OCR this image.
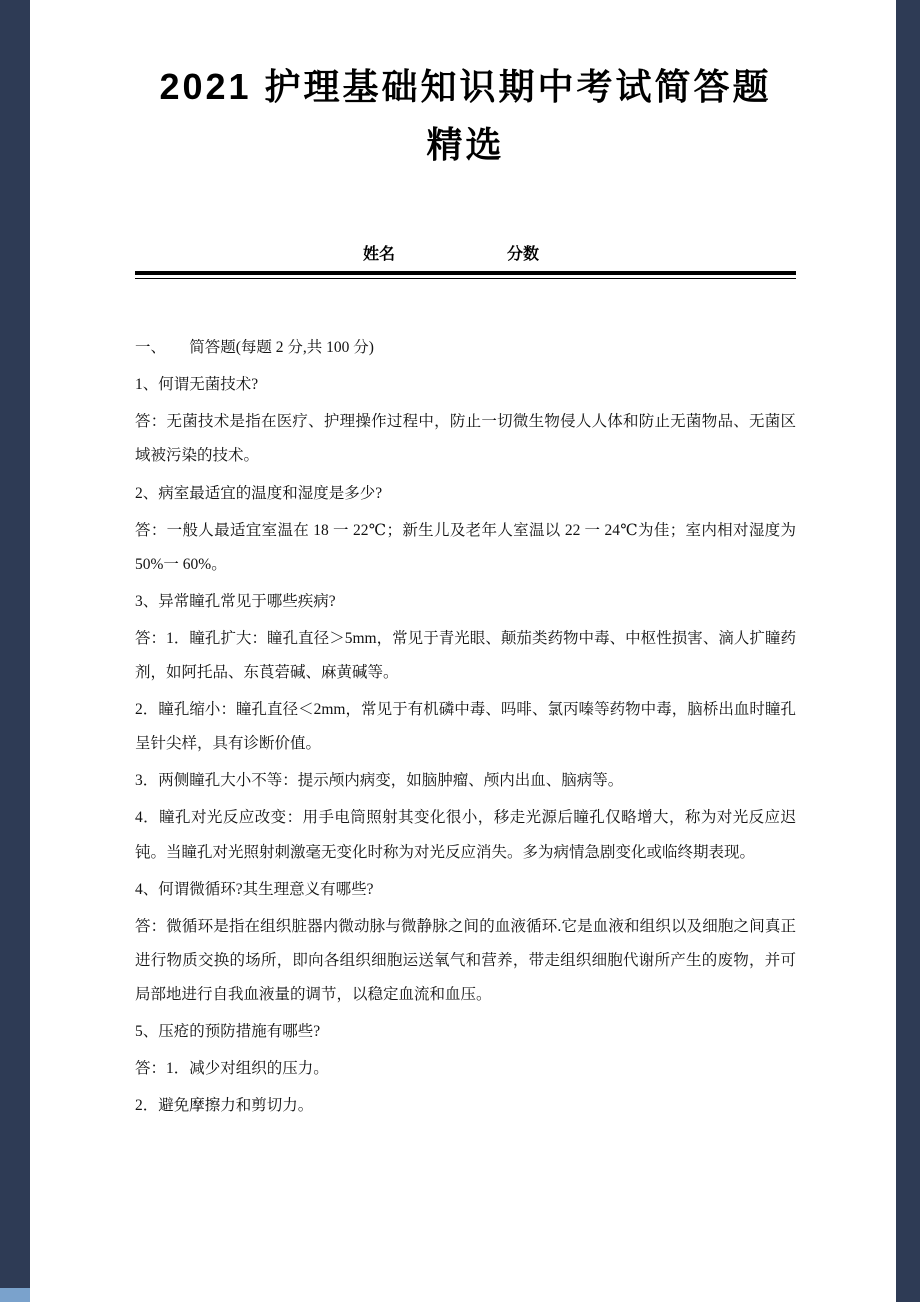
2021 护理基础知识期中考试简答题
精选
姓名	分数

一、　　简答题(每题 2 分,共 100 分)

1、何谓无菌技术?

答：无菌技术是指在医疗、护理操作过程中，防止一切微生物侵人人体和防止无菌物品、无菌区域被污染的技术。

2、病室最适宜的温度和湿度是多少?

答：一般人最适宜室温在 18 一 22℃；新生儿及老年人室温以 22 一 24℃为佳；室内相对湿度为 50%一 60%。

3、异常瞳孔常见于哪些疾病?

答：1．瞳孔扩大：瞳孔直径＞5mm，常见于青光眼、颠茄类药物中毒、中枢性损害、滴人扩瞳药剂，如阿托品、东莨菪碱、麻黄碱等。

2．瞳孔缩小：瞳孔直径＜2mm，常见于有机磷中毒、吗啡、氯丙嗪等药物中毒，脑桥出血时瞳孔呈针尖样，具有诊断价值。

3．两侧瞳孔大小不等：提示颅内病变，如脑肿瘤、颅内出血、脑病等。

4．瞳孔对光反应改变：用手电筒照射其变化很小，移走光源后瞳孔仅略增大，称为对光反应迟钝。当瞳孔对光照射刺激毫无变化时称为对光反应消失。多为病情急剧变化或临终期表现。

4、何谓微循环?其生理意义有哪些?

答：微循环是指在组织脏器内微动脉与微静脉之间的血液循环.它是血液和组织以及细胞之间真正进行物质交换的场所，即向各组织细胞运送氧气和营养，带走组织细胞代谢所产生的废物，并可局部地进行自我血液量的调节，以稳定血流和血压。

5、压疮的预防措施有哪些?

答：1．减少对组织的压力。

2．避免摩擦力和剪切力。
